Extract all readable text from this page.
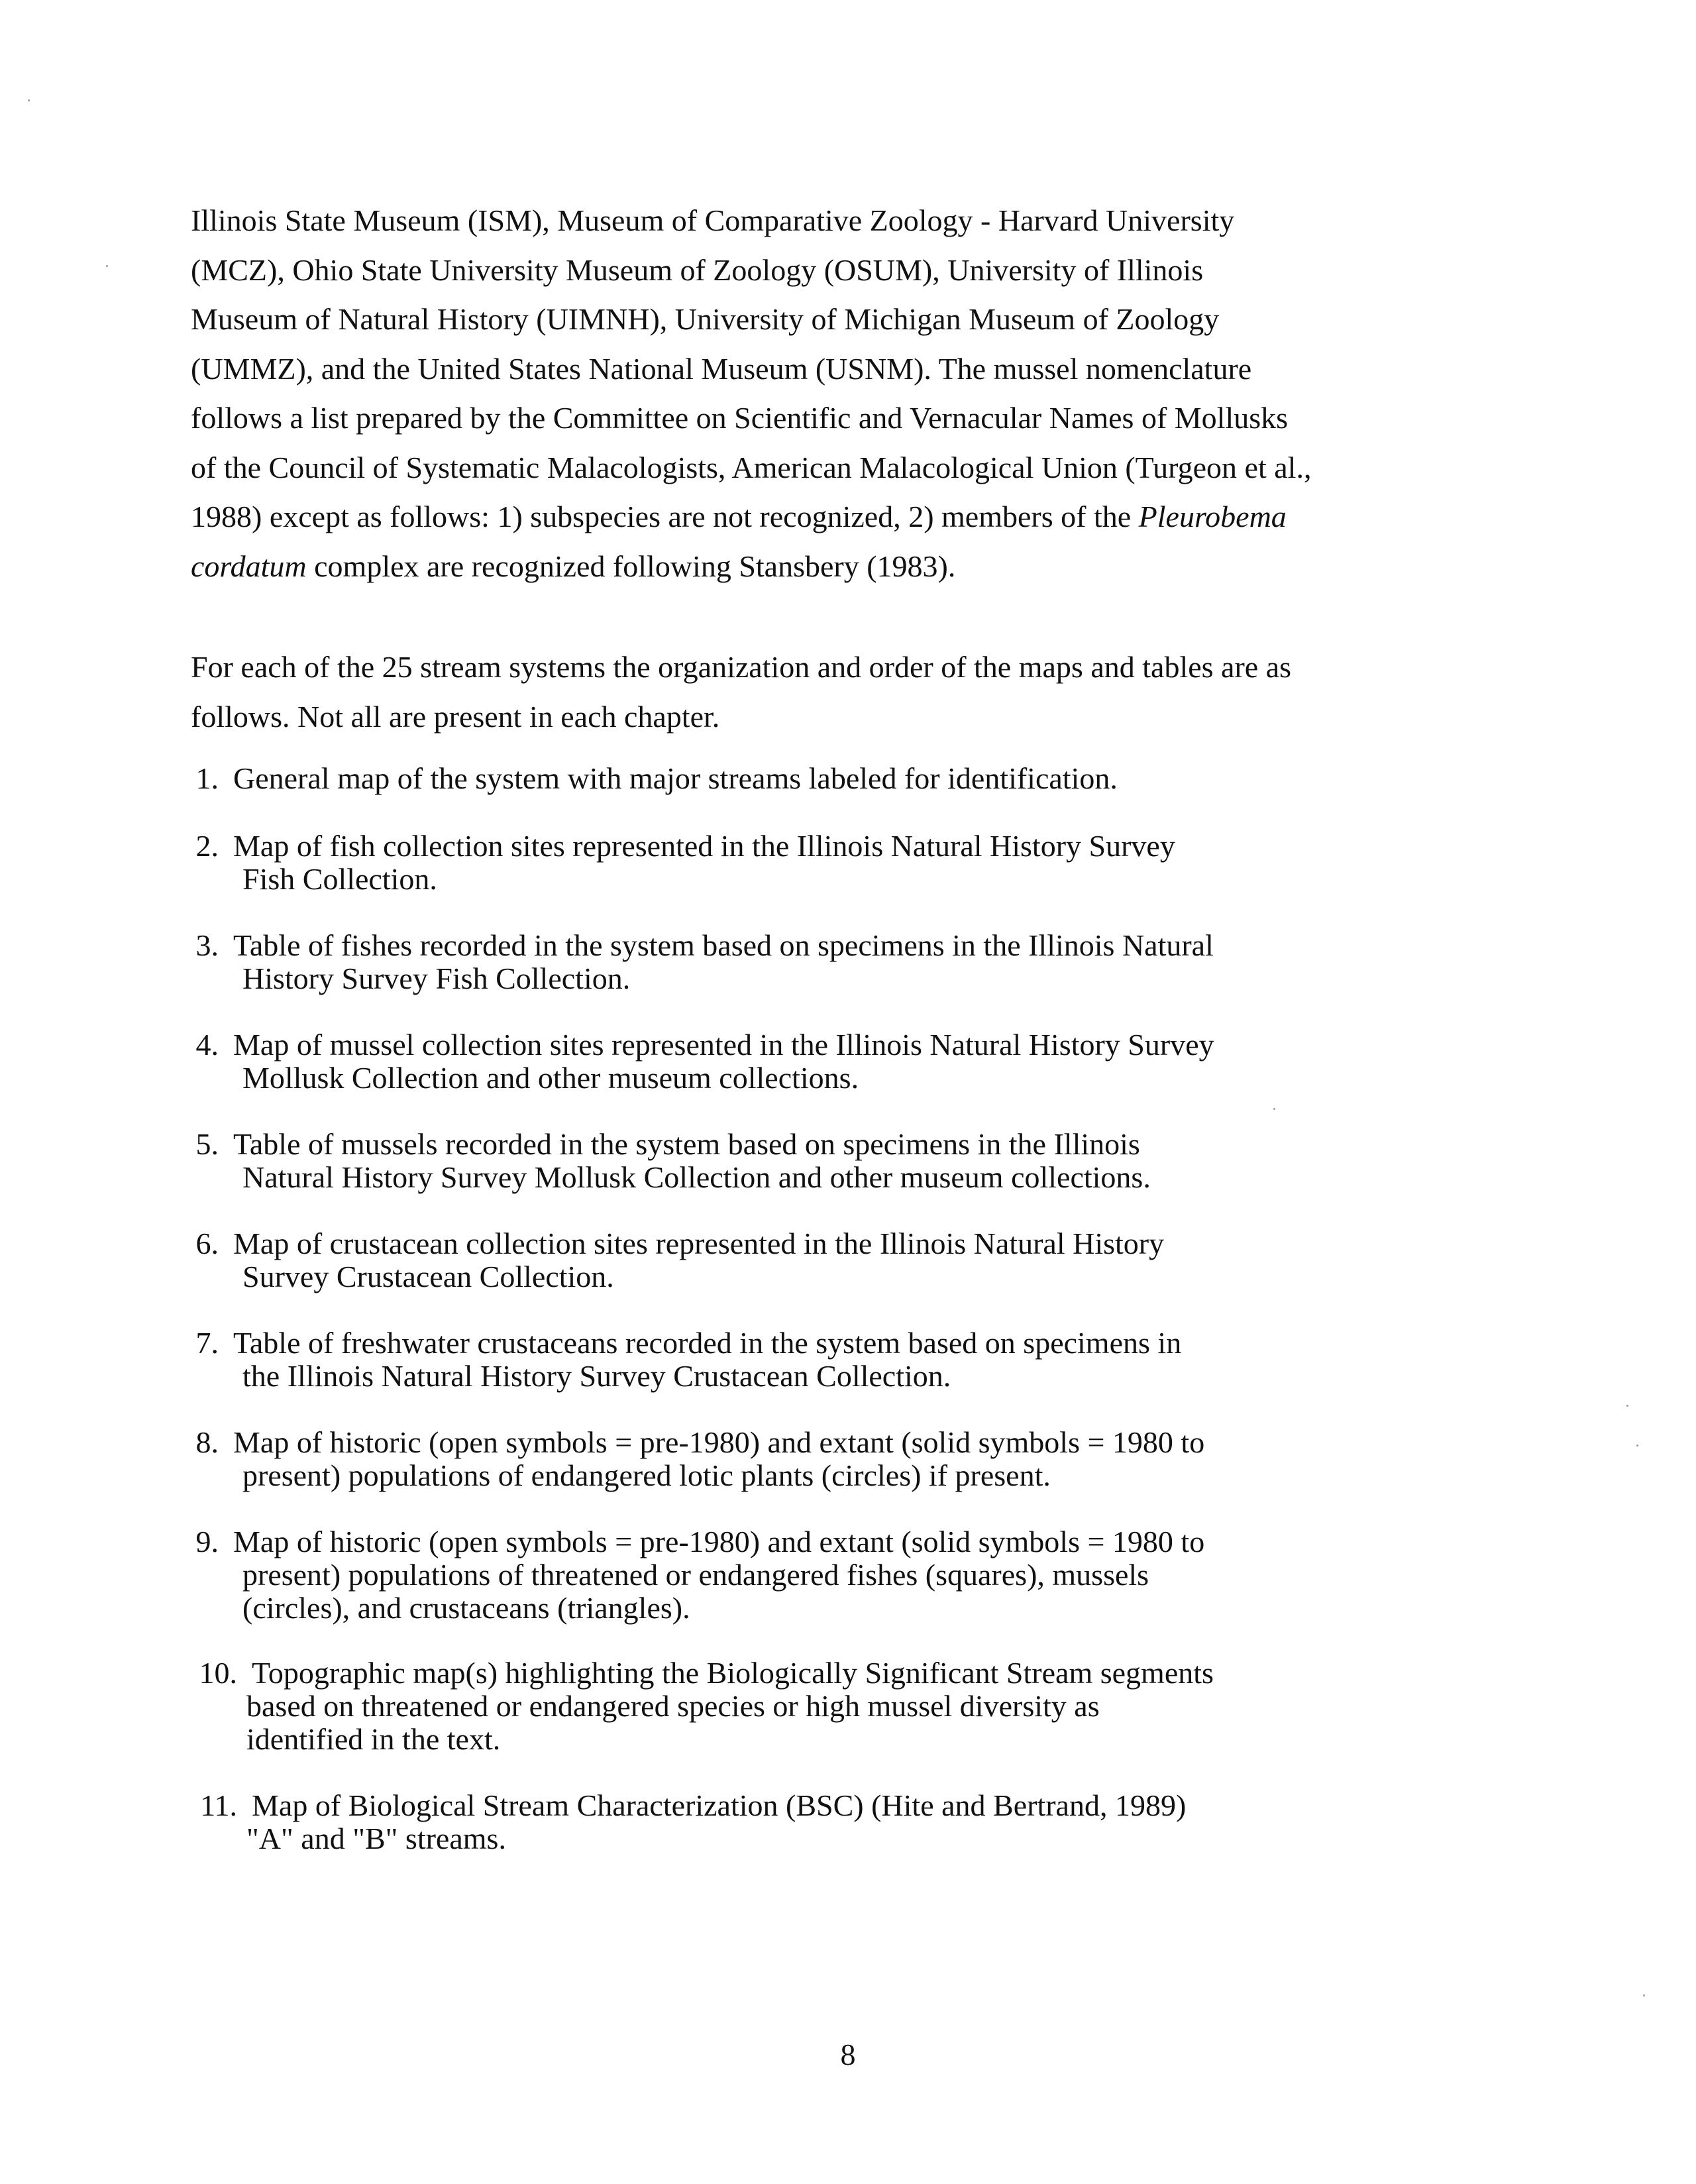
Illinois State Museum (ISM), Museum of Comparative Zoology - Harvard University
(MCZ), Ohio State University Museum of Zoology (OSUM), University of Illinois
Museum of Natural History (UIMNH), University of Michigan Museum of Zoology
(UMMZ), and the United States National Museum (USNM). The mussel nomenclature
follows a list prepared by the Committee on Scientific and Vernacular Names of Mollusks
of the Council of Systematic Malacologists, American Malacological Union (Turgeon et al.,
1988) except as follows: 1) subspecies are not recognized, 2) members of the Pleurobema
cordatum complex are recognized following Stansbery (1983).

For each of the 25 stream systems the organization and order of the maps and tables are as
follows. Not all are present in each chapter.

1. General map of the system with major streams labeled for identification.
2. Map of fish collection sites represented in the Illinois Natural History Survey
Fish Collection.
3. Table of fishes recorded in the system based on specimens in the Illinois Natural
History Survey Fish Collection.
4. Map of mussel collection sites represented in the Illinois Natural History Survey
Mollusk Collection and other museum collections.
5. Table of mussels recorded in the system based on specimens in the Illinois
Natural History Survey Mollusk Collection and other museum collections.
6. Map of crustacean collection sites represented in the Illinois Natural History
Survey Crustacean Collection.
7. Table of freshwater crustaceans recorded in the system based on specimens in
the Illinois Natural History Survey Crustacean Collection.
8. Map of historic (open symbols = pre-1980) and extant (solid symbols = 1980 to
present) populations of endangered lotic plants (circles) if present.
9. Map of historic (open symbols = pre-1980) and extant (solid symbols = 1980 to
present) populations of threatened or endangered fishes (squares), mussels
(circles), and crustaceans (triangles).
10. Topographic map(s) highlighting the Biologically Significant Stream segments
based on threatened or endangered species or high mussel diversity as
identified in the text.
11. Map of Biological Stream Characterization (BSC) (Hite and Bertrand, 1989)
"A" and "B" streams.
8
